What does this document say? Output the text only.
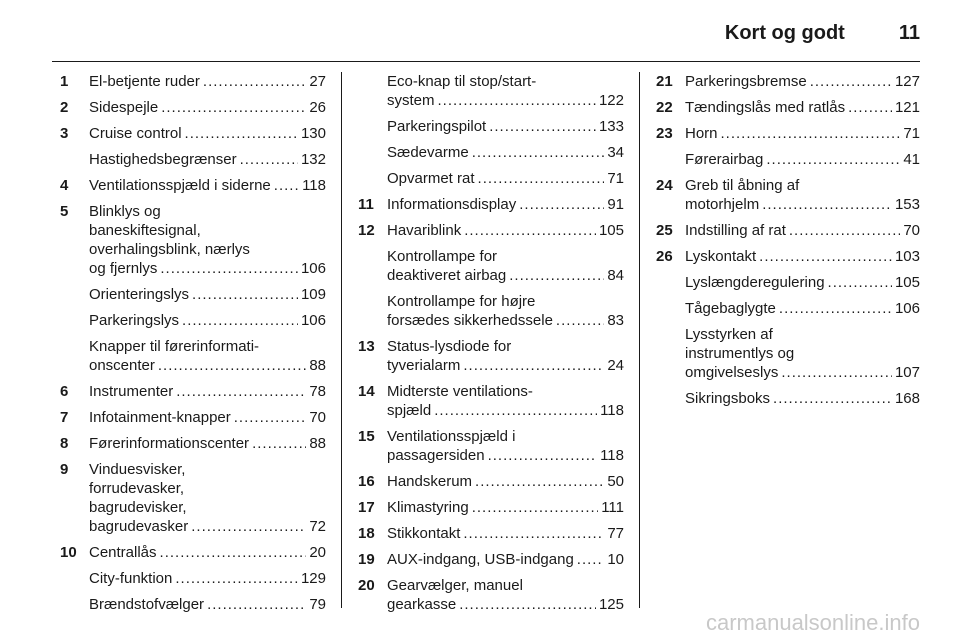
Kort og godt	11
1	El-betjente ruder .....	27
2	Sidespejle .....	26
3	Cruise control .....	130
Hastighedsbegrænser .....	132
4	Ventilationsspjæld i siderne ..... 118
5	Blinklys og
baneskiftesignal,
overhalingsblink, nærlys
og fjernlys .....	106
Orienteringslys .....	109
Parkeringslys .....	106
Knapper til førerinformati-
onscenter .....	88
6	Instrumenter .....	78
7	Infotainment-knapper .....	70
8	Førerinformationscenter .....	88
9	Vinduesvisker,
forrudevasker,
bagrudevisker,
bagrudevasker .....	72
10 Centrallås .....	20
City-funktion .....	129
Brændstofvælger .....	79
Eco-knap til stop/start-
system .....	122
Parkeringspilot .....	133
Sædevarme .....	34
Opvarmet rat .....	71
11 Informationsdisplay .....	91
12 Havariblink .....	105
Kontrollampe for
deaktiveret airbag .....	84
Kontrollampe for højre
forsædes sikkerhedssele .....	83
13 Status-lysdiode for
tyverialarm .....	24
14 Midterste ventilations-
spjæld .....	118
15 Ventilationsspjæld i
passagersiden .....	118
16 Handskerum .....	50
17 Klimastyring .....	111
18 Stikkontakt .....	77
19 AUX-indgang, USB-indgang ..... 10
20 Gearvælger, manuel
gearkasse .....	125
21 Parkeringsbremse .....	127
22 Tændingslås med ratlås .....	121
23 Horn .....	71
Førerairbag .....	41
24 Greb til åbning af
motorhjelm .....	153
25 Indstilling af rat .....	70
26 Lyskontakt .....	103
Lyslængderegulering .....	105
Tågebaglygte .....	106
Lysstyrken af
instrumentlys og
omgivelseslys .....	107
Sikringsboks .....	168
carmanualsonline.info
